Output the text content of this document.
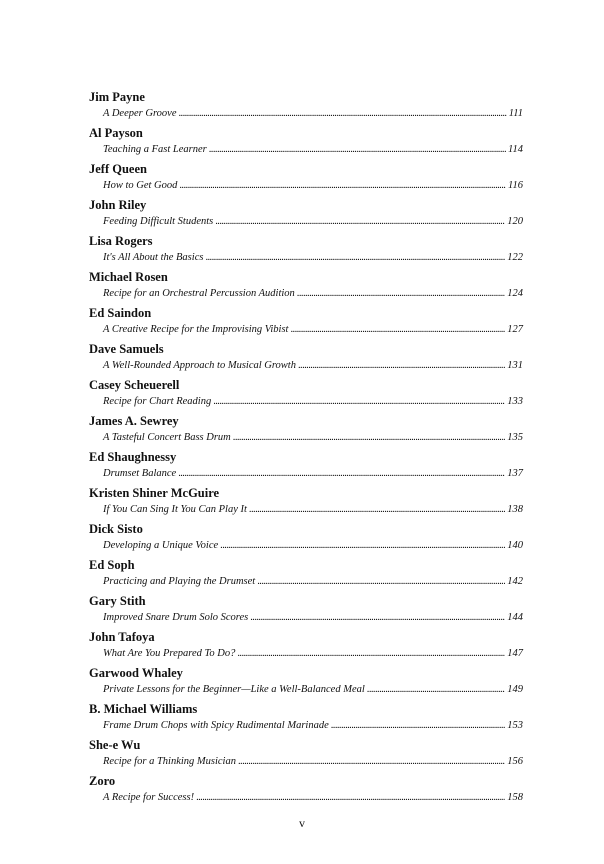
Jim Payne
A Deeper Groove . . .	111
Al Payson
Teaching a Fast Learner . . .	114
Jeff Queen
How to Get Good . . .	116
John Riley
Feeding Difficult Students . . .	120
Lisa Rogers
It's All About the Basics . . .	122
Michael Rosen
Recipe for an Orchestral Percussion Audition . . .	124
Ed Saindon
A Creative Recipe for the Improvising Vibist . . .	127
Dave Samuels
A Well-Rounded Approach to Musical Growth . . .	131
Casey Scheuerell
Recipe for Chart Reading . . .	133
James A. Sewrey
A Tasteful Concert Bass Drum . . .	135
Ed Shaughnessy
Drumset Balance . . .	137
Kristen Shiner McGuire
If You Can Sing It You Can Play It . . .	138
Dick Sisto
Developing a Unique Voice . . .	140
Ed Soph
Practicing and Playing the Drumset . . .	142
Gary Stith
Improved Snare Drum Solo Scores . . .	144
John Tafoya
What Are You Prepared To Do? . . .	147
Garwood Whaley
Private Lessons for the Beginner—Like a Well-Balanced Meal . . .	149
B. Michael Williams
Frame Drum Chops with Spicy Rudimental Marinade . . .	153
She-e Wu
Recipe for a Thinking Musician . . .	156
Zoro
A Recipe for Success! . . .	158
v
